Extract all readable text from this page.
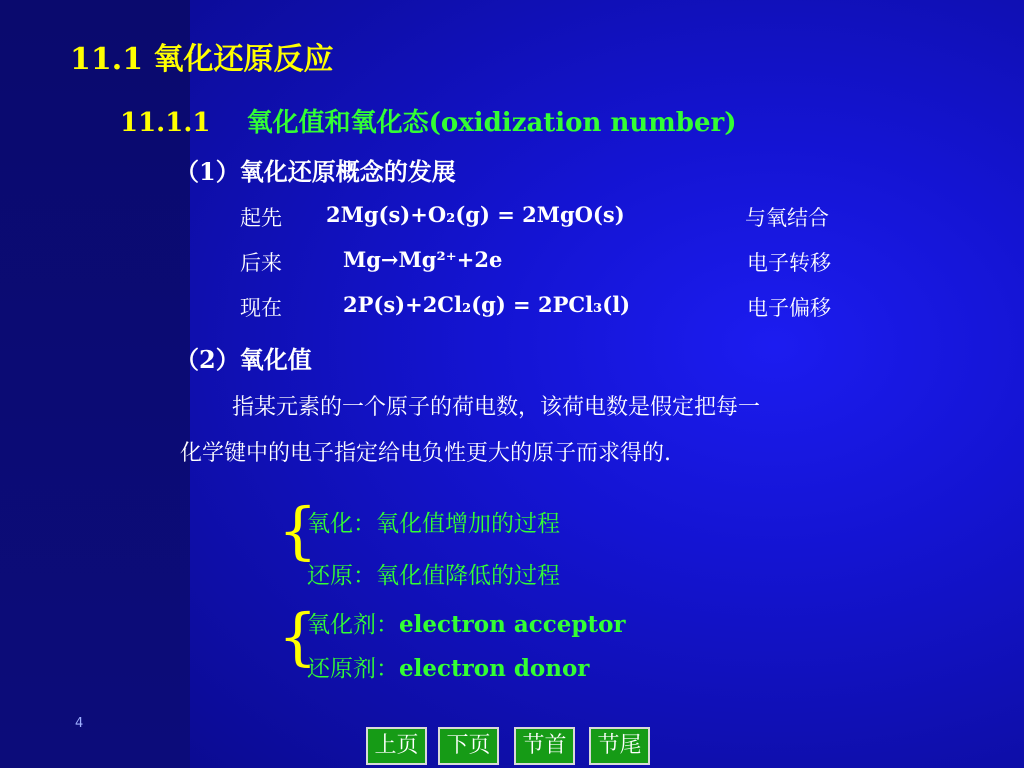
11.1 氧化还原反应
11.1.1 氧化值和氧化态(oxidization number)
（1）氧化还原概念的发展
起先 2Mg(s)+O₂(g) = 2MgO(s)	与氧结合
后来	Mg→Mg²⁺+2e	电子转移
现在	2P(s)+2Cl₂(g) = 2PCl₃(l)	电子偏移
（2）氧化值
指某元素的一个原子的荷电数，该荷电数是假定把每一
化学键中的电子指定给电负性更大的原子而求得的.
{
氧化：氧化值增加的过程
还原：氧化值降低的过程
{
氧化剂：electron acceptor
还原剂：electron donor
4
上页	下页	节首	节尾
